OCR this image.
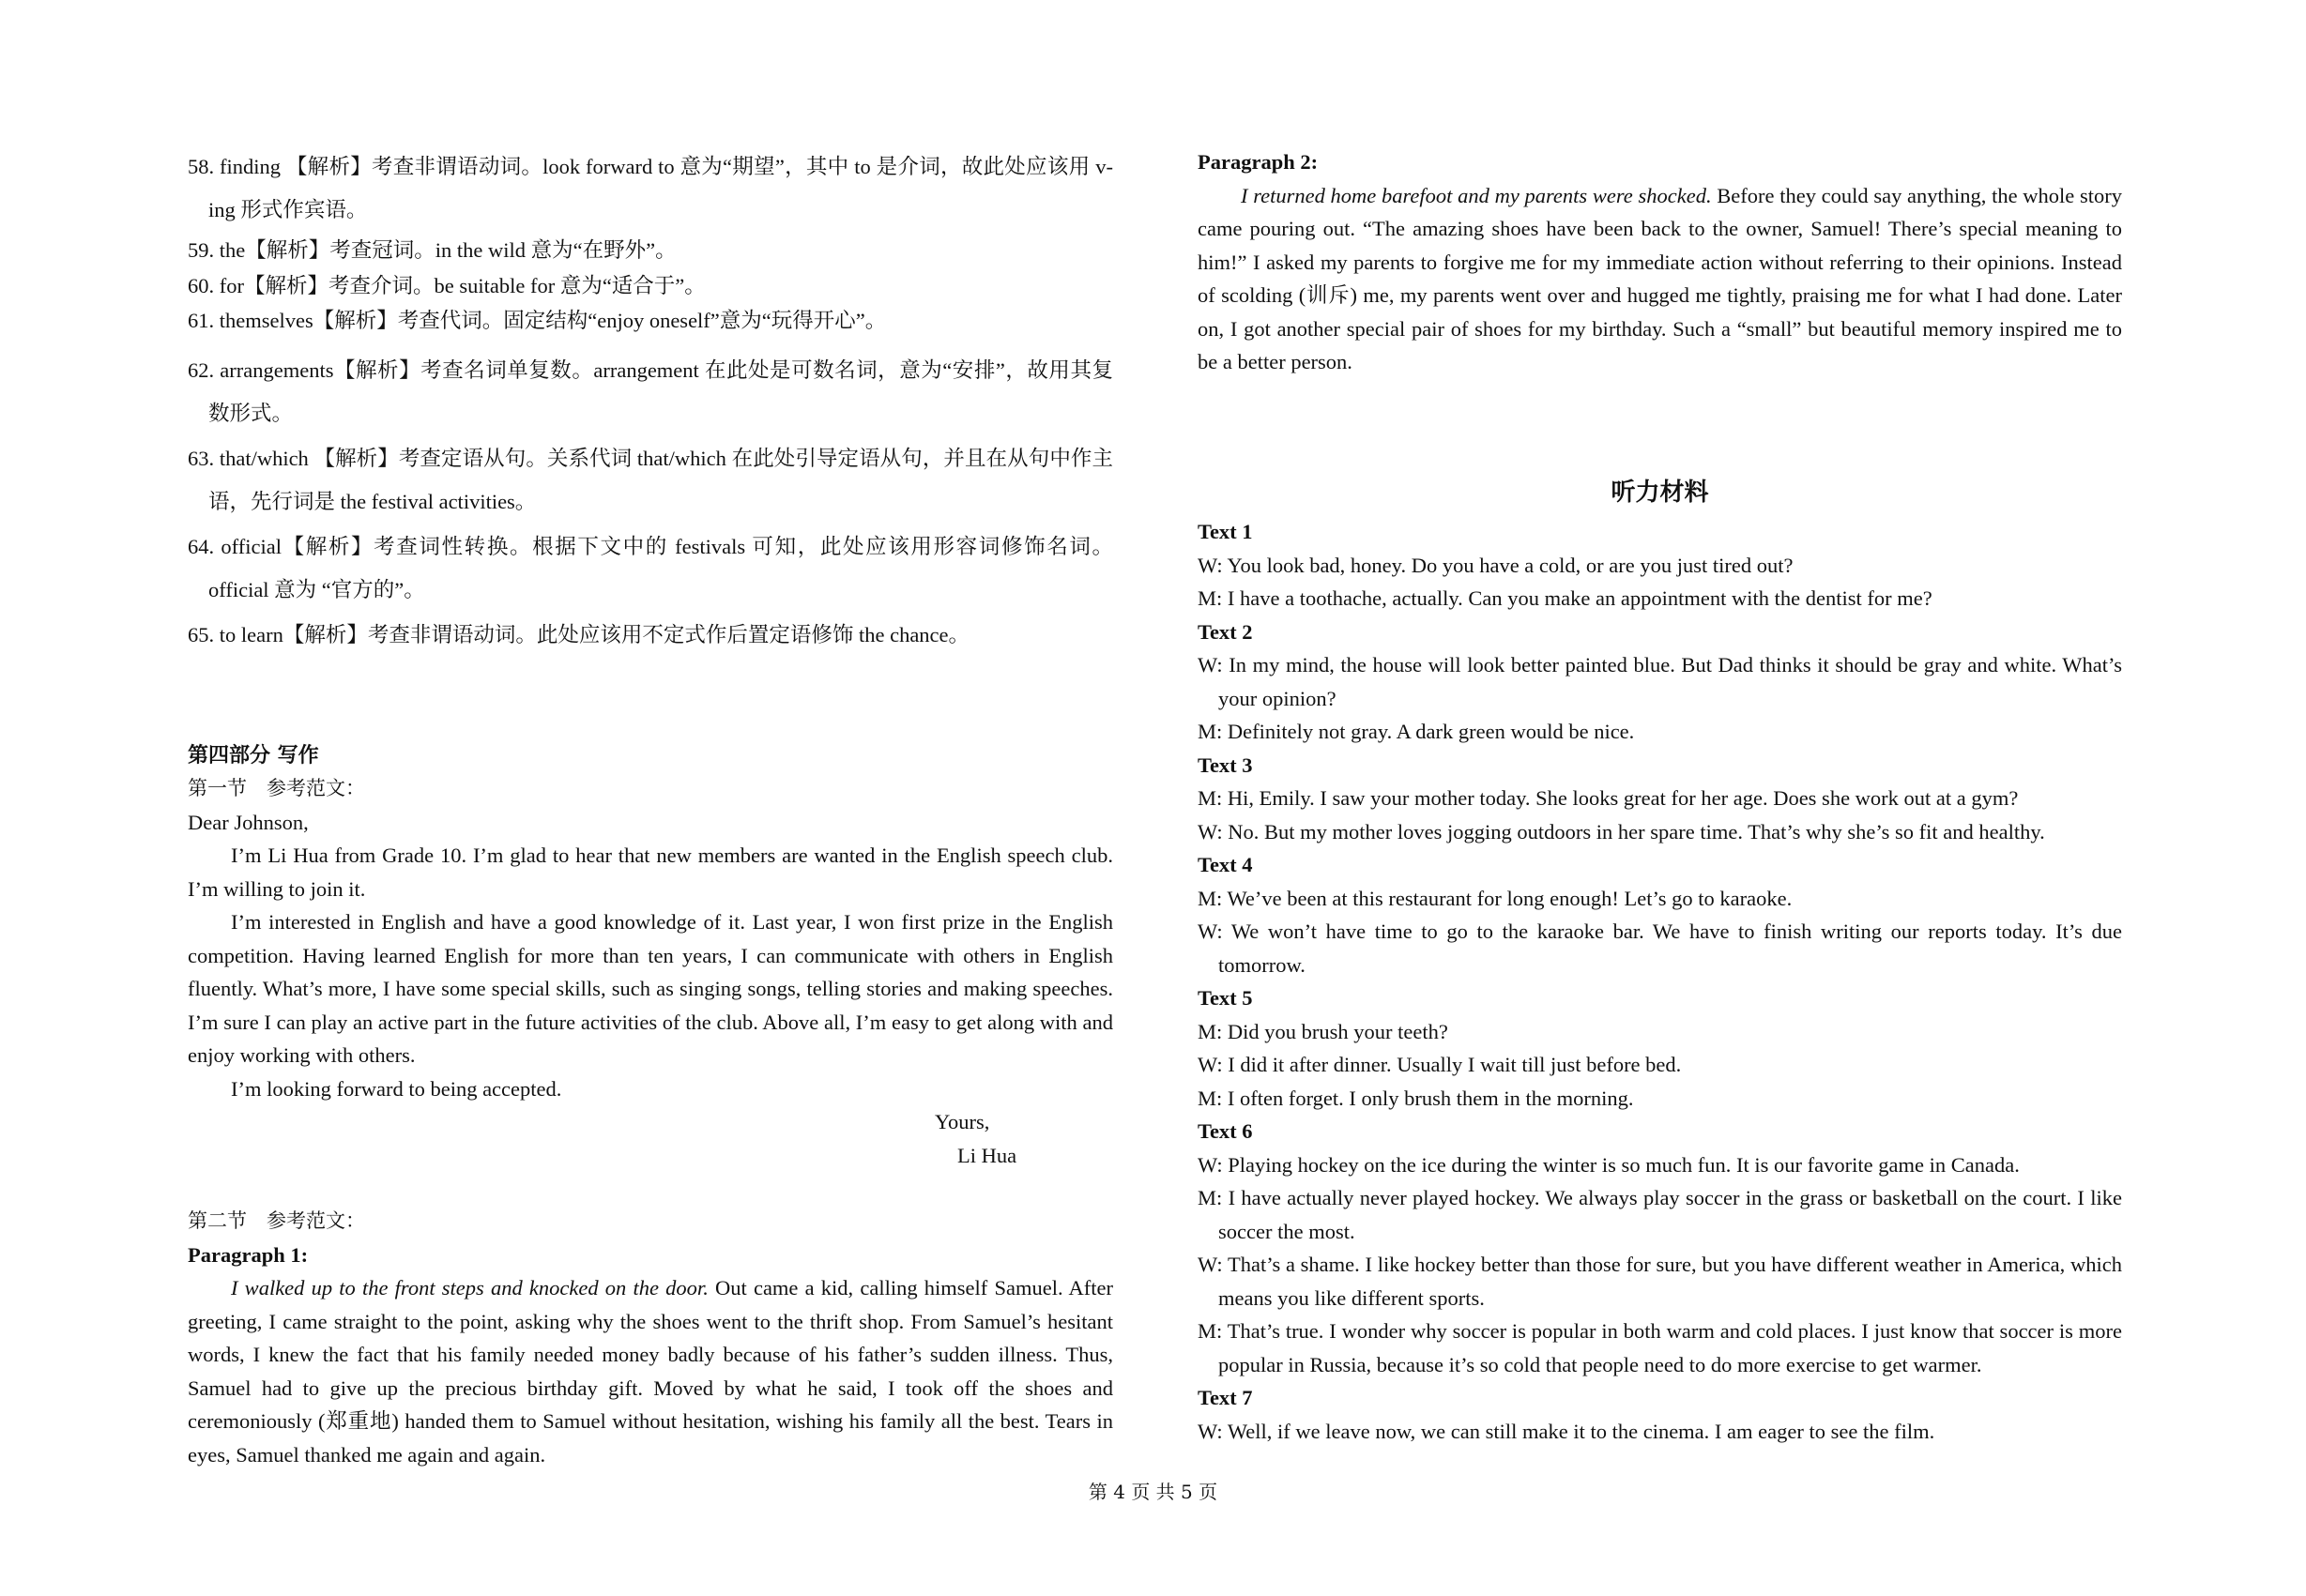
58. finding 【解析】考查非谓语动词。look forward to 意为“期望”，其中 to 是介词，故此处应该用 v-ing 形式作宾语。

59. the【解析】考查冠词。in the wild 意为“在野外”。

60. for【解析】考查介词。be suitable for 意为“适合于”。

61. themselves【解析】考查代词。固定结构“enjoy oneself”意为“玩得开心”。

62. arrangements【解析】考查名词单复数。arrangement 在此处是可数名词，意为“安排”，故用其复数形式。

63. that/which 【解析】考查定语从句。关系代词 that/which 在此处引导定语从句，并且在从句中作主语，先行词是 the festival activities。

64. official【解析】考查词性转换。根据下文中的 festivals 可知，此处应该用形容词修饰名词。official 意为 “官方的”。

65. to learn【解析】考查非谓语动词。此处应该用不定式作后置定语修饰 the chance。

第四部分 写作

第一节　参考范文：

Dear Johnson,

I’m Li Hua from Grade 10. I’m glad to hear that new members are wanted in the English speech club. I’m willing to join it.

I’m interested in English and have a good knowledge of it. Last year, I won first prize in the English competition. Having learned English for more than ten years, I can communicate with others in English fluently. What’s more, I have some special skills, such as singing songs, telling stories and making speeches. I’m sure I can play an active part in the future activities of the club. Above all, I’m easy to get along with and enjoy working with others.

I’m looking forward to being accepted.

Yours,

Li Hua

第二节　参考范文：

Paragraph 1:

I walked up to the front steps and knocked on the door. Out came a kid, calling himself Samuel. After greeting, I came straight to the point, asking why the shoes went to the thrift shop. From Samuel’s hesitant words, I knew the fact that his family needed money badly because of his father’s sudden illness. Thus, Samuel had to give up the precious birthday gift. Moved by what he said, I took off the shoes and ceremoniously (郑重地) handed them to Samuel without hesitation, wishing his family all the best. Tears in eyes, Samuel thanked me again and again.

Paragraph 2:

I returned home barefoot and my parents were shocked. Before they could say anything, the whole story came pouring out. “The amazing shoes have been back to the owner, Samuel! There’s special meaning to him!” I asked my parents to forgive me for my immediate action without referring to their opinions. Instead of scolding (训斥) me, my parents went over and hugged me tightly, praising me for what I had done. Later on, I got another special pair of shoes for my birthday. Such a “small” but beautiful memory inspired me to be a better person.

听力材料

Text 1

W: You look bad, honey. Do you have a cold, or are you just tired out?

M: I have a toothache, actually. Can you make an appointment with the dentist for me?

Text 2

W: In my mind, the house will look better painted blue. But Dad thinks it should be gray and white. What’s your opinion?

M: Definitely not gray. A dark green would be nice.

Text 3

M: Hi, Emily. I saw your mother today. She looks great for her age. Does she work out at a gym?

W: No. But my mother loves jogging outdoors in her spare time. That’s why she’s so fit and healthy.

Text 4

M: We’ve been at this restaurant for long enough! Let’s go to karaoke.

W: We won’t have time to go to the karaoke bar. We have to finish writing our reports today. It’s due tomorrow.

Text 5

M: Did you brush your teeth?

W: I did it after dinner. Usually I wait till just before bed.

M: I often forget. I only brush them in the morning.

Text 6

W: Playing hockey on the ice during the winter is so much fun. It is our favorite game in Canada.

M: I have actually never played hockey. We always play soccer in the grass or basketball on the court. I like soccer the most.

W: That’s a shame. I like hockey better than those for sure, but you have different weather in America, which means you like different sports.

M: That’s true. I wonder why soccer is popular in both warm and cold places. I just know that soccer is more popular in Russia, because it’s so cold that people need to do more exercise to get warmer.

Text 7

W: Well, if we leave now, we can still make it to the cinema. I am eager to see the film.

第 4 页 共 5 页
